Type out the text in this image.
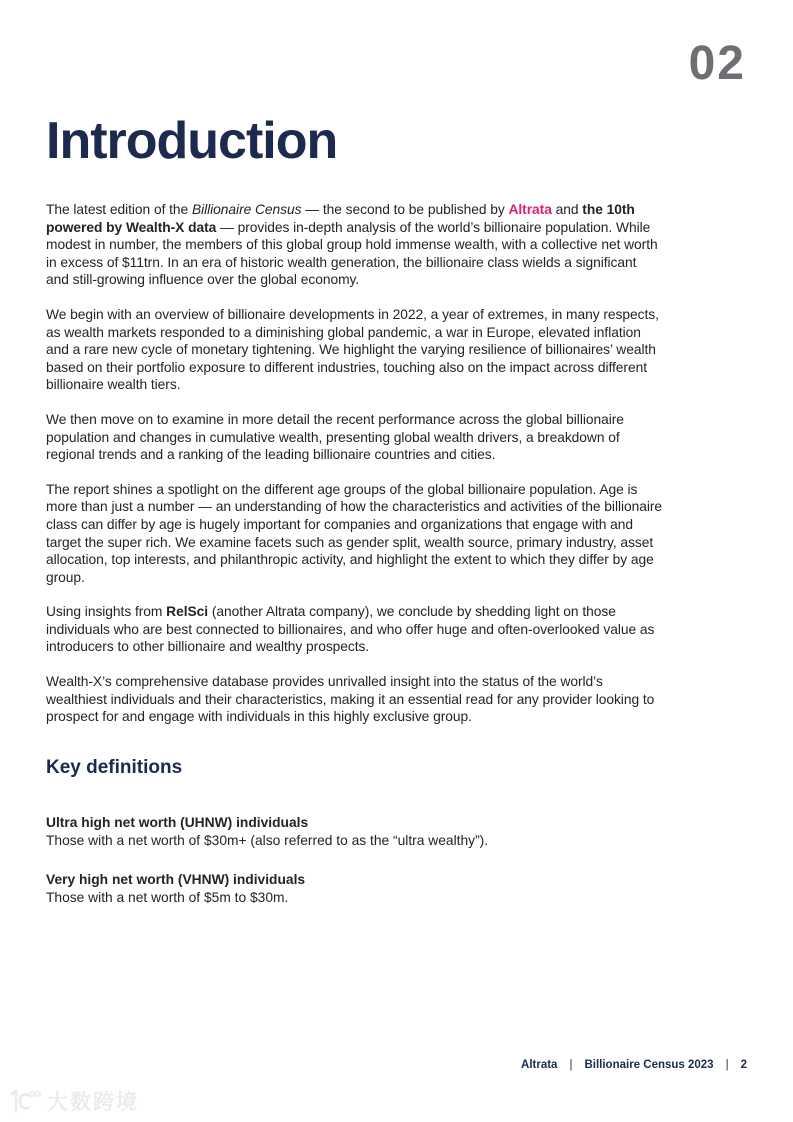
02
Introduction

The latest edition of the Billionaire Census — the second to be published by Altrata and the 10th powered by Wealth-X data — provides in-depth analysis of the world’s billionaire population. While modest in number, the members of this global group hold immense wealth, with a collective net worth in excess of $11trn. In an era of historic wealth generation, the billionaire class wields a significant and still-growing influence over the global economy.

We begin with an overview of billionaire developments in 2022, a year of extremes, in many respects, as wealth markets responded to a diminishing global pandemic, a war in Europe, elevated inflation and a rare new cycle of monetary tightening. We highlight the varying resilience of billionaires’ wealth based on their portfolio exposure to different industries, touching also on the impact across different billionaire wealth tiers.

We then move on to examine in more detail the recent performance across the global billionaire population and changes in cumulative wealth, presenting global wealth drivers, a breakdown of regional trends and a ranking of the leading billionaire countries and cities.

The report shines a spotlight on the different age groups of the global billionaire population. Age is more than just a number — an understanding of how the characteristics and activities of the billionaire class can differ by age is hugely important for companies and organizations that engage with and target the super rich. We examine facets such as gender split, wealth source, primary industry, asset allocation, top interests, and philanthropic activity, and highlight the extent to which they differ by age group.

Using insights from RelSci (another Altrata company), we conclude by shedding light on those individuals who are best connected to billionaires, and who offer huge and often-overlooked value as introducers to other billionaire and wealthy prospects.

Wealth-X’s comprehensive database provides unrivalled insight into the status of the world’s wealthiest individuals and their characteristics, making it an essential read for any provider looking to prospect for and engage with individuals in this highly exclusive group.

Key definitions
Ultra high net worth (UHNW) individuals
Those with a net worth of $30m+ (also referred to as the “ultra wealthy”).
Very high net worth (VHNW) individuals
Those with a net worth of $5m to $30m.
Altrata | Billionaire Census 2023 | 2
大数跨境
